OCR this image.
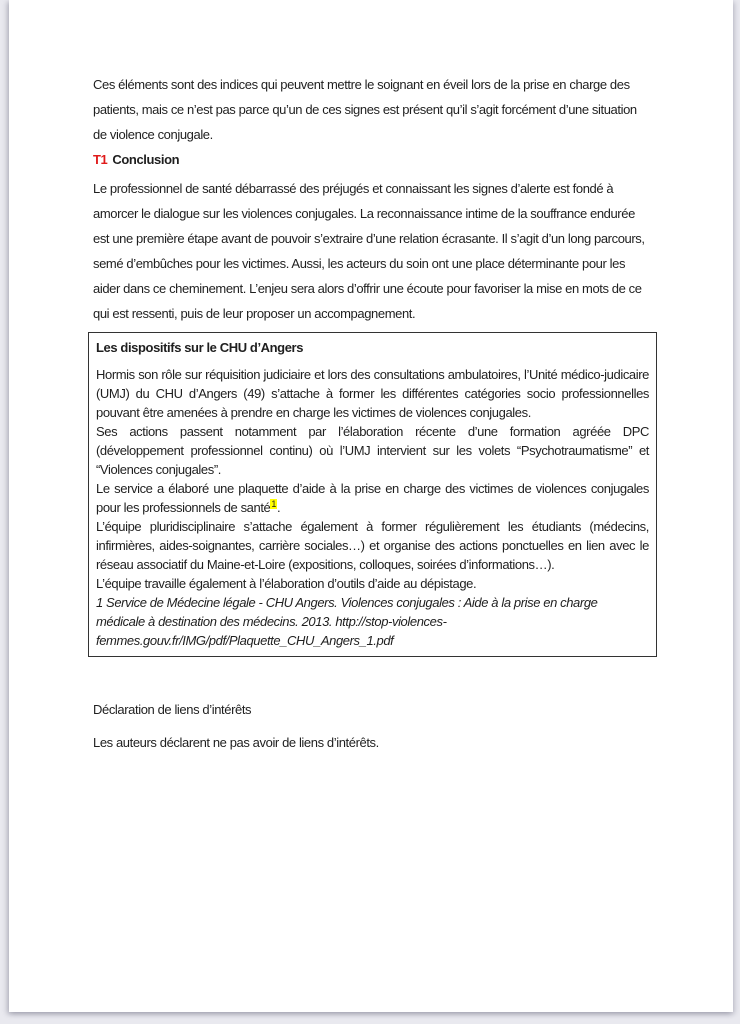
Ces éléments sont des indices qui peuvent mettre le soignant en éveil lors de la prise en charge des patients, mais ce n’est pas parce qu’un de ces signes est présent qu’il s’agit forcément d’une situation de violence conjugale.

T1 Conclusion

Le professionnel de santé débarrassé des préjugés et connaissant les signes d’alerte est fondé à amorcer le dialogue sur les violences conjugales. La reconnaissance intime de la souffrance endurée est une première étape avant de pouvoir s’extraire d’une relation écrasante. Il s’agit d’un long parcours, semé d’embûches pour les victimes. Aussi, les acteurs du soin ont une place déterminante pour les aider dans ce cheminement. L’enjeu sera alors d’offrir une écoute pour favoriser la mise en mots de ce qui est ressenti, puis de leur proposer un accompagnement.

Les dispositifs sur le CHU d’Angers

Hormis son rôle sur réquisition judiciaire et lors des consultations ambulatoires, l’Unité médico-judicaire (UMJ) du CHU d’Angers (49) s’attache à former les différentes catégories socio professionnelles pouvant être amenées à prendre en charge les victimes de violences conjugales.

Ses actions passent notamment par l’élaboration récente d’une formation agréée DPC (développement professionnel continu) où l’UMJ intervient sur les volets “Psychotraumatisme” et “Violences conjugales”.

Le service a élaboré une plaquette d’aide à la prise en charge des victimes de violences conjugales pour les professionnels de santé$^1$.

L’équipe pluridisciplinaire s’attache également à former régulièrement les étudiants (médecins, infirmières, aides-soignantes, carrière sociales…) et organise des actions ponctuelles en lien avec le réseau associatif du Maine-et-Loire (expositions, colloques, soirées d’informations…).

L’équipe travaille également à l’élaboration d’outils d’aide au dépistage.

1 Service de Médecine légale - CHU Angers. Violences conjugales : Aide à la prise en charge médicale à destination des médecins. 2013. http://stop-violences-femmes.gouv.fr/IMG/pdf/Plaquette_CHU_Angers_1.pdf

Déclaration de liens d’intérêts

Les auteurs déclarent ne pas avoir de liens d’intérêts.
